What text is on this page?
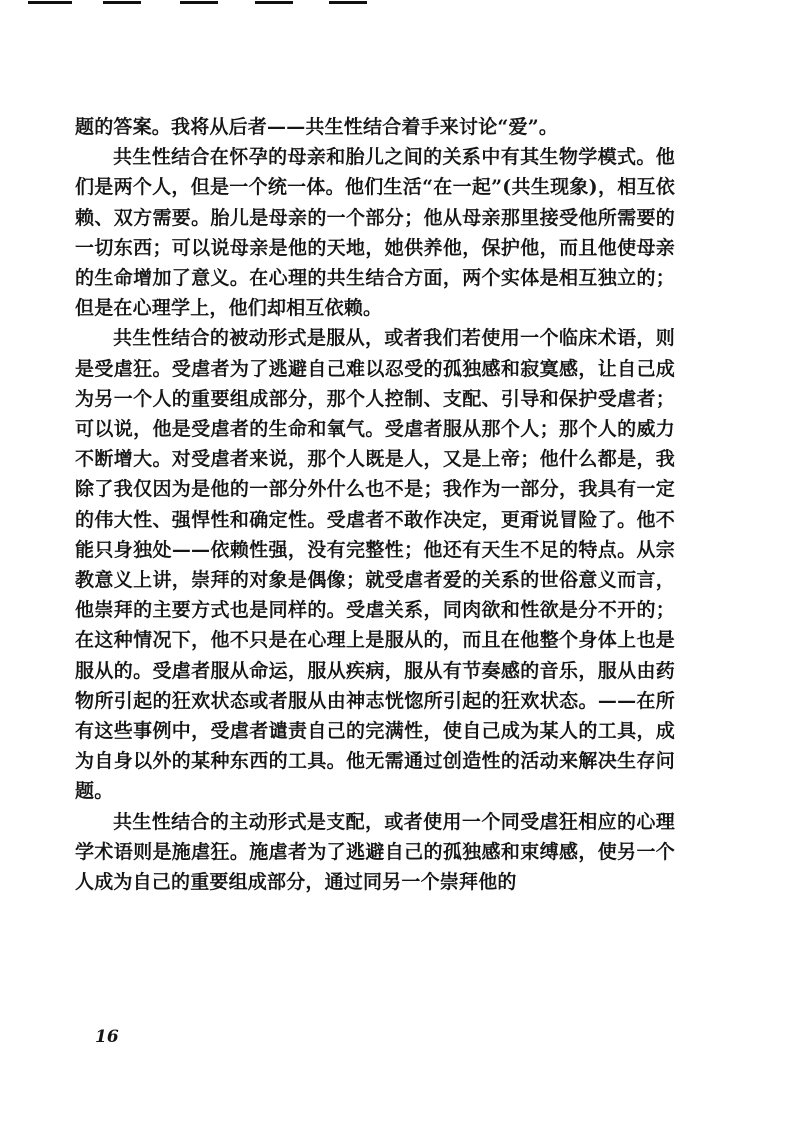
题的答案。我将从后者——共生性结合着手来讨论“爱”。

共生性结合在怀孕的母亲和胎儿之间的关系中有其生物学模式。他们是两个人，但是一个统一体。他们生活“在一起”(共生现象)，相互依赖、双方需要。胎儿是母亲的一个部分；他从母亲那里接受他所需要的一切东西；可以说母亲是他的天地，她供养他，保护他，而且他使母亲的生命增加了意义。在心理的共生结合方面，两个实体是相互独立的；但是在心理学上，他们却相互依赖。

共生性结合的被动形式是服从，或者我们若使用一个临床术语，则是受虐狂。受虐者为了逃避自己难以忍受的孤独感和寂寞感，让自己成为另一个人的重要组成部分，那个人控制、支配、引导和保护受虐者；可以说，他是受虐者的生命和氧气。受虐者服从那个人；那个人的威力不断增大。对受虐者来说，那个人既是人，又是上帝；他什么都是，我除了我仅因为是他的一部分外什么也不是；我作为一部分，我具有一定的伟大性、强悍性和确定性。受虐者不敢作决定，更甭说冒险了。他不能只身独处——依赖性强，没有完整性；他还有天生不足的特点。从宗教意义上讲，崇拜的对象是偶像；就受虐者爱的关系的世俗意义而言，他崇拜的主要方式也是同样的。受虐关系，同肉欲和性欲是分不开的；在这种情况下，他不只是在心理上是服从的，而且在他整个身体上也是服从的。受虐者服从命运，服从疾病，服从有节奏感的音乐，服从由药物所引起的狂欢状态或者服从由神志恍惚所引起的狂欢状态。——在所有这些事例中，受虐者谴责自己的完满性，使自己成为某人的工具，成为自身以外的某种东西的工具。他无需通过创造性的活动来解决生存问题。

共生性结合的主动形式是支配，或者使用一个同受虐狂相应的心理学术语则是施虐狂。施虐者为了逃避自己的孤独感和束缚感，使另一个人成为自己的重要组成部分，通过同另一个崇拜他的

16
